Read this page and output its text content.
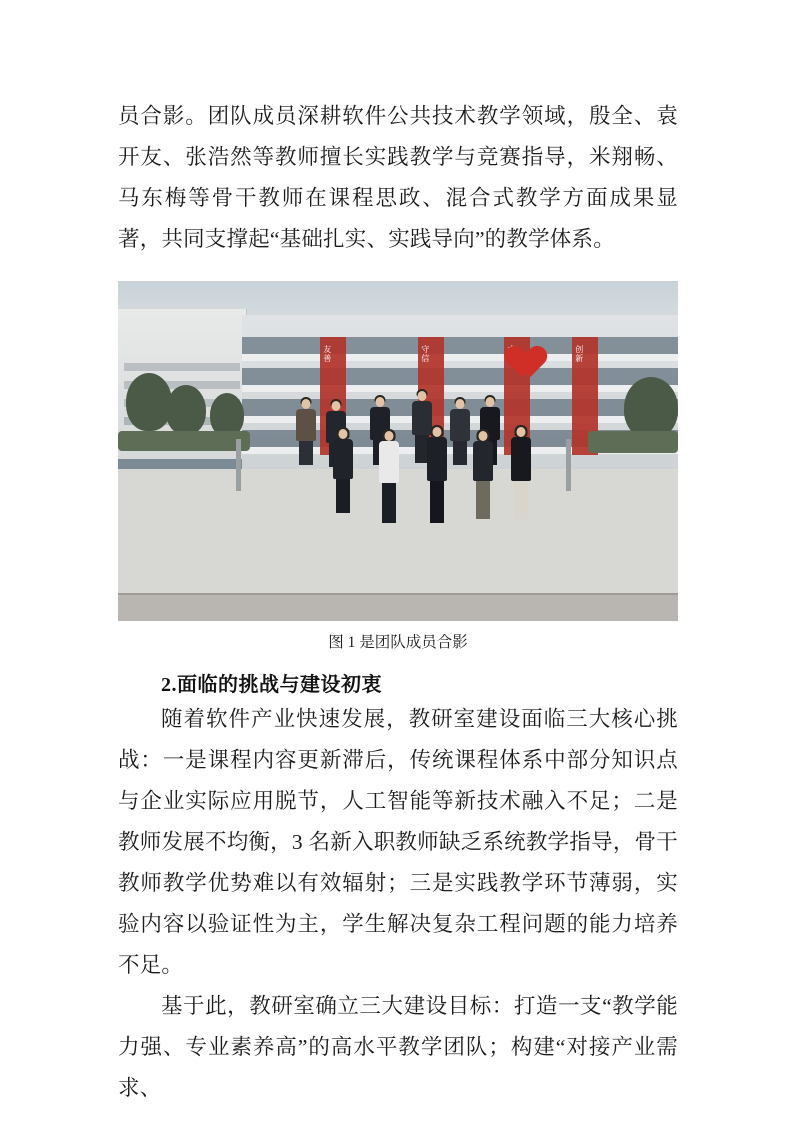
员合影。团队成员深耕软件公共技术教学领域，殷全、袁开友、张浩然等教师擅长实践教学与竞赛指导，米翔畅、马东梅等骨干教师在课程思政、混合式教学方面成果显著，共同支撑起“基础扎实、实践导向”的教学体系。

友善	守信	求精	创新
图 1 是团队成员合影
2.面临的挑战与建设初衷

随着软件产业快速发展，教研室建设面临三大核心挑战：一是课程内容更新滞后，传统课程体系中部分知识点与企业实际应用脱节，人工智能等新技术融入不足；二是教师发展不均衡，3 名新入职教师缺乏系统教学指导，骨干教师教学优势难以有效辐射；三是实践教学环节薄弱，实验内容以验证性为主，学生解决复杂工程问题的能力培养不足。

基于此，教研室确立三大建设目标：打造一支“教学能力强、专业素养高”的高水平教学团队；构建“对接产业需求、
